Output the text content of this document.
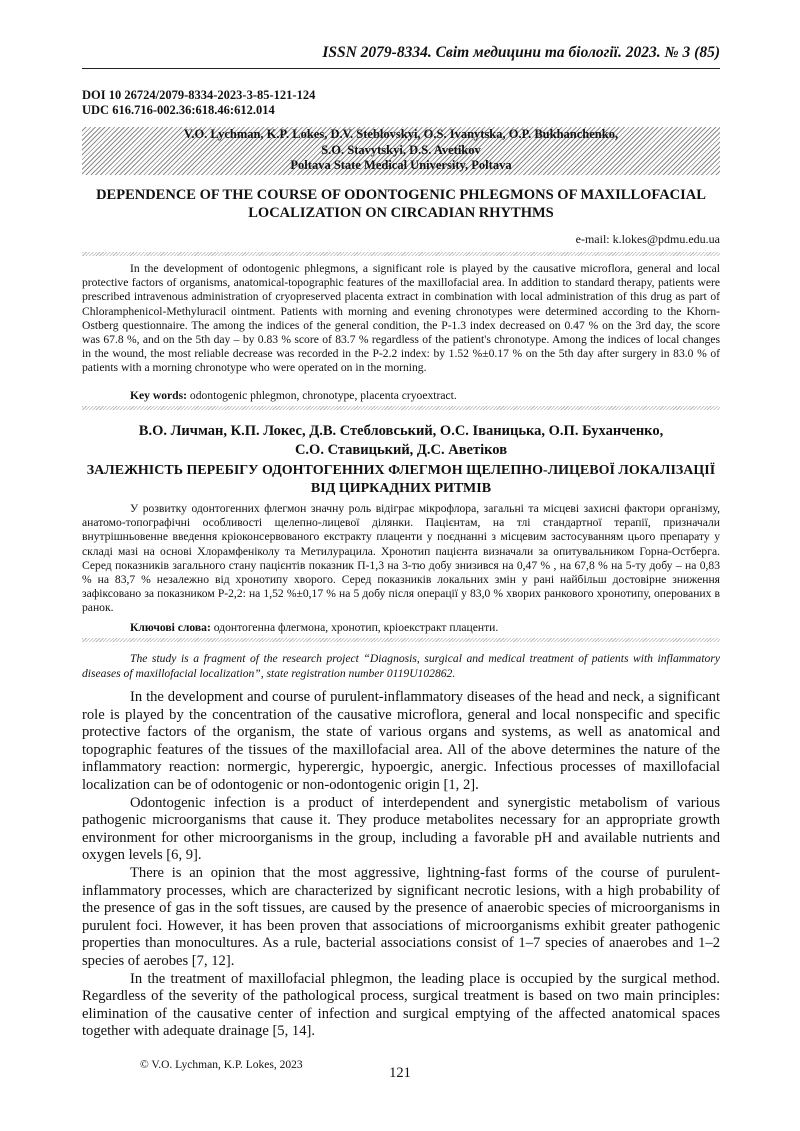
ISSN 2079-8334. Світ медицини та біології. 2023. № 3 (85)
DOI 10 26724/2079-8334-2023-3-85-121-124
UDC 616.716-002.36:618.46:612.014
V.O. Lychman, K.P. Lokes, D.V. Steblovskyi, O.S. Ivanytska, O.P. Bukhanchenko,
S.O. Stavytskyi, D.S. Avetikov
Poltava State Medical University, Poltava
DEPENDENCE OF THE COURSE OF ODONTOGENIC PHLEGMONS OF MAXILLOFACIAL LOCALIZATION ON CIRCADIAN RHYTHMS
e-mail: k.lokes@pdmu.edu.ua

In the development of odontogenic phlegmons, a significant role is played by the causative microflora, general and local protective factors of organisms, anatomical-topographic features of the maxillofacial area. In addition to standard therapy, patients were prescribed intravenous administration of cryopreserved placenta extract in combination with local administration of this drug as part of Chloramphenicol-Methyluracil ointment. Patients with morning and evening chronotypes were determined according to the Khorn-Ostberg questionnaire. The among the indices of the general condition, the P-1.3 index decreased on 0.47 % on the 3rd day, the score was 67.8 %, and on the 5th day – by 0.83 % score of 83.7 % regardless of the patient's chronotype. Among the indices of local changes in the wound, the most reliable decrease was recorded in the P-2.2 index: by 1.52 %±0.17 % on the 5th day after surgery in 83.0 % of patients with a morning chronotype who were operated on in the morning.

Key words: odontogenic phlegmon, chronotype, placenta cryoextract.
В.О. Личман, К.П. Локес, Д.В. Стебловський, О.С. Іваницька, О.П. Буханченко,
С.О. Ставицький, Д.С. Аветіков
ЗАЛЕЖНІСТЬ ПЕРЕБІГУ ОДОНТОГЕННИХ ФЛЕГМОН ЩЕЛЕПНО-ЛИЦЕВОЇ ЛОКАЛІЗАЦІЇ ВІД ЦИРКАДНИХ РИТМІВ

У розвитку одонтогенних флегмон значну роль відіграє мікрофлора, загальні та місцеві захисні фактори організму, анатомо-топографічні особливості щелепно-лицевої ділянки. Пацієнтам, на тлі стандартної терапії, призначали внутрішньовенне введення кріоконсервованого екстракту плаценти у поєднанні з місцевим застосуванням цього препарату у складі мазі на основі Хлорамфеніколу та Метилурацила. Хронотип пацієнта визначали за опитувальником Горна-Остберга. Серед показників загального стану пацієнтів показник П-1,3 на 3-тю добу знизився на 0,47 % , на 67,8 % на 5-ту добу – на 0,83 % на 83,7 % незалежно від хронотипу хворого. Серед показників локальних змін у рані найбільш достовірне зниження зафіксовано за показником Р-2,2: на 1,52 %±0,17 % на 5 добу після операції у 83,0 % хворих ранкового хронотипу, оперованих в ранок.

Ключові слова: одонтогенна флегмона, хронотип, кріоекстракт плаценти.

The study is a fragment of the research project “Diagnosis, surgical and medical treatment of patients with inflammatory diseases of maxillofacial localization”, state registration number 0119U102862.

In the development and course of purulent-inflammatory diseases of the head and neck, a significant role is played by the concentration of the causative microflora, general and local nonspecific and specific protective factors of the organism, the state of various organs and systems, as well as anatomical and topographic features of the tissues of the maxillofacial area. All of the above determines the nature of the inflammatory reaction: normergic, hyperergic, hypoergic, anergic. Infectious processes of maxillofacial localization can be of odontogenic or non-odontogenic origin [1, 2].

Odontogenic infection is a product of interdependent and synergistic metabolism of various pathogenic microorganisms that cause it. They produce metabolites necessary for an appropriate growth environment for other microorganisms in the group, including a favorable pH and available nutrients and oxygen levels [6, 9].

There is an opinion that the most aggressive, lightning-fast forms of the course of purulent-inflammatory processes, which are characterized by significant necrotic lesions, with a high probability of the presence of gas in the soft tissues, are caused by the presence of anaerobic species of microorganisms in purulent foci. However, it has been proven that associations of microorganisms exhibit greater pathogenic properties than monocultures. As a rule, bacterial associations consist of 1–7 species of anaerobes and 1–2 species of aerobes [7, 12].

In the treatment of maxillofacial phlegmon, the leading place is occupied by the surgical method. Regardless of the severity of the pathological process, surgical treatment is based on two main principles: elimination of the causative center of infection and surgical emptying of the affected anatomical spaces together with adequate drainage [5, 14].

© V.O. Lychman, K.P. Lokes, 2023	121
